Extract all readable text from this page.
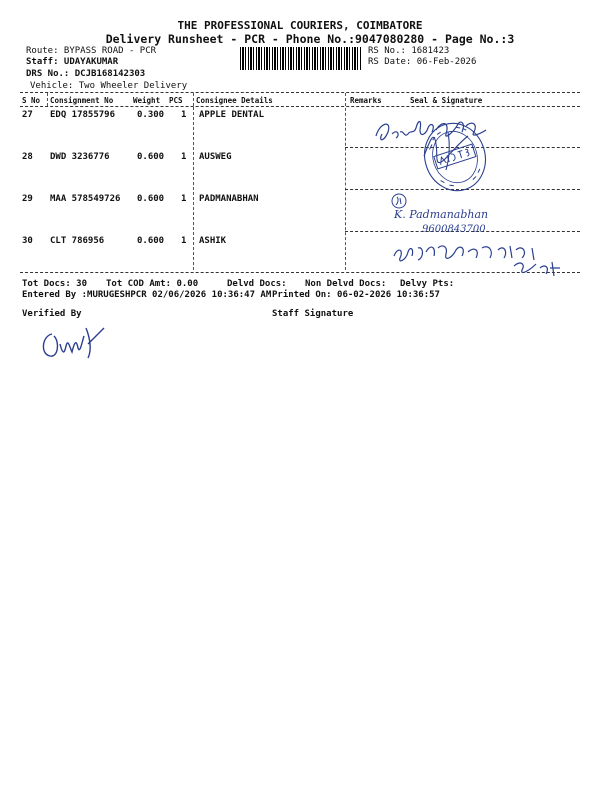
THE PROFESSIONAL COURIERS, COIMBATORE
Delivery Runsheet - PCR - Phone No.:9047080280 - Page No.:3
Route: BYPASS ROAD - PCR
Staff: UDAYAKUMAR
DRS No.: DCJB168142303
Vehicle: Two Wheeler Delivery
RS No.: 1681423
RS Date: 06-Feb-2026
S No Consignment No	Weight PCS Consignee Details	Remarks	Seal & Signature
27 EDQ 17855796 0.300 1 APPLE DENTAL
28 DWD 3236776	0.600 1 AUSWEG
29 MAA 578549726 0.600 1 PADMANABHAN
30 CLT 786956	0.600 1 ASHIK
K. Padmanabhan
9600843700
Tot Docs: 30 Tot COD Amt: 0.00	Delvd Docs: Non Delvd Docs: Delvy Pts:
Entered By :MURUGESHPCR 02/06/2026 10:36:47 AM Printed On: 06-02-2026 10:36:57
Verified By	Staff Signature
